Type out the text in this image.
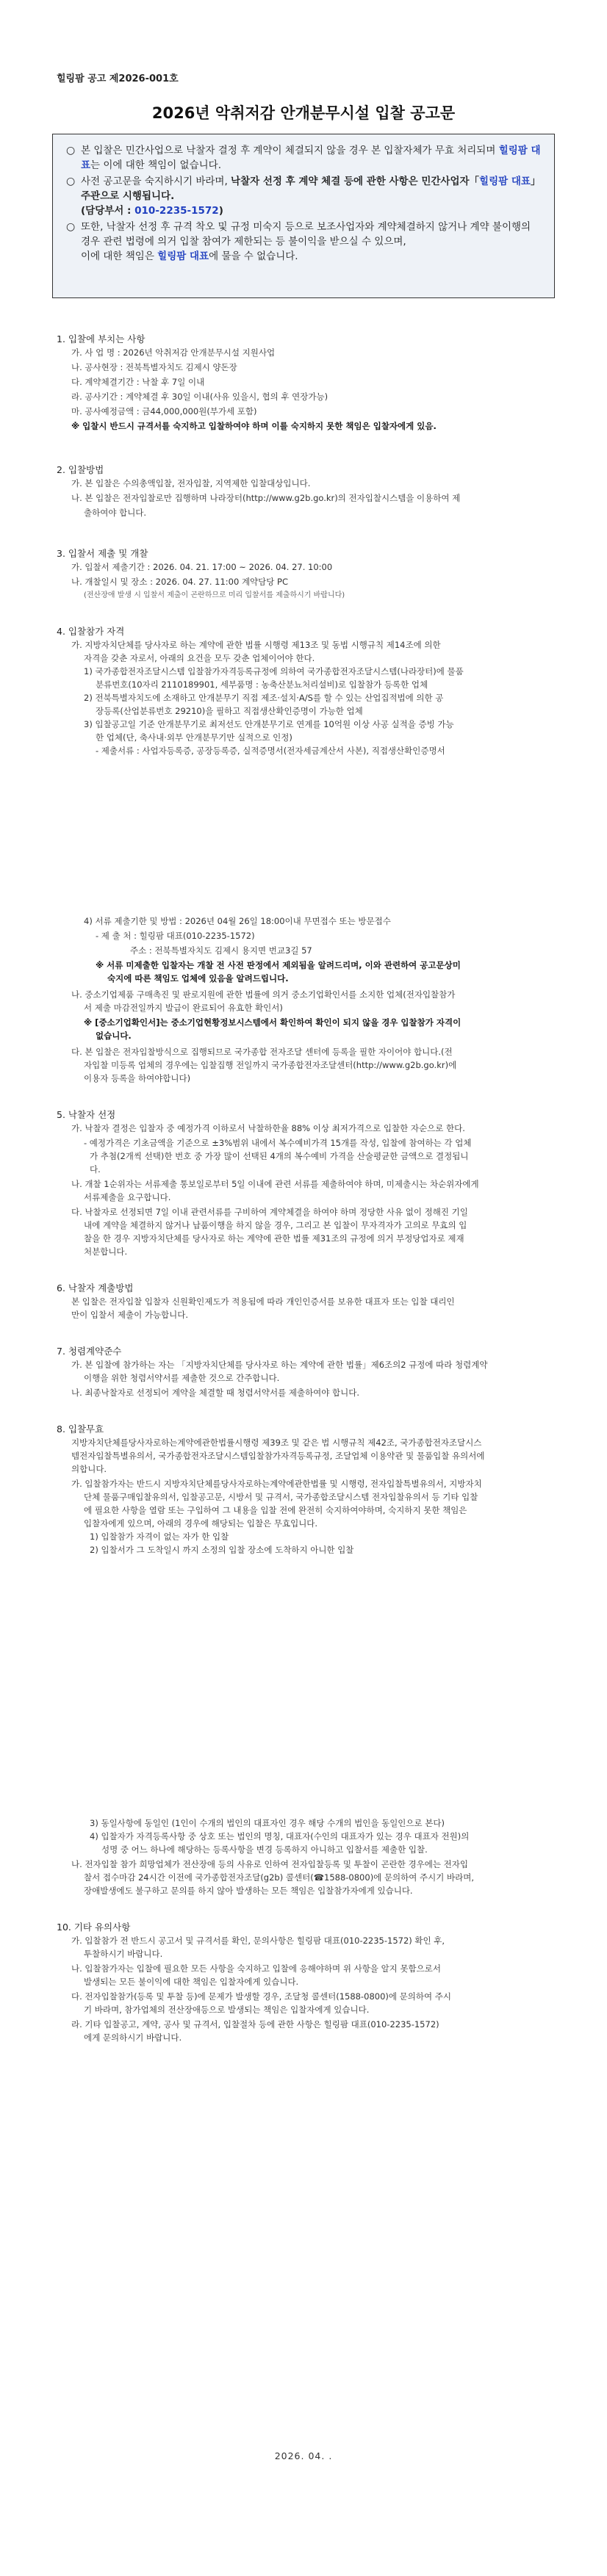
힐링팜 공고 제2026-001호
2026년 악취저감 안개분무시설 입찰 공고문

○ 본 입찰은 민간사업으로 낙찰자 결정 후 계약이 체결되지 않을 경우 본 입찰자체가 무효 처리되며 힐링팜 대표는 이에 대한 책임이 없습니다.

○ 사전 공고문을 숙지하시기 바라며, 낙찰자 선정 후 계약 체결 등에 관한 사항은 민간사업자「힐링팜 대표」주관으로 시행됩니다.
(담당부서 : 010-2235-1572)

○ 또한, 낙찰자 선정 후 규격 착오 및 규정 미숙지 등으로 보조사업자와 계약체결하지 않거나 계약 불이행의 경우 관련 법령에 의거 입찰 참여가 제한되는 등 불이익을 받으실 수 있으며,
이에 대한 책임은 힐링팜 대표에 물을 수 없습니다.

1. 입찰에 부치는 사항
가. 사 업 명 : 2026년 악취저감 안개분무시설 지원사업
나. 공사현장 : 전북특별자치도 김제시 양돈장
다. 계약체결기간 : 낙찰 후 7일 이내
라. 공사기간 : 계약체결 후 30일 이내(사유 있을시, 협의 후 연장가능)
마. 공사예정금액 : 금44,000,000원(부가세 포함)
※ 입찰시 반드시 규격서를 숙지하고 입찰하여야 하며 이를 숙지하지 못한 책임은 입찰자에게 있음.
2. 입찰방법
가. 본 입찰은 수의총액입찰, 전자입찰, 지역제한 입찰대상입니다.
나. 본 입찰은 전자입찰로만 집행하며 나라장터(http://www.g2b.go.kr)의 전자입찰시스템을 이용하여 제
출하여야 합니다.
3. 입찰서 제출 및 개찰
가. 입찰서 제출기간 : 2026. 04. 21. 17:00 ~ 2026. 04. 27. 10:00
나. 개찰일시 및 장소 : 2026. 04. 27. 11:00 계약담당 PC
(전산장애 발생 시 입찰서 제출이 곤란하므로 미리 입찰서를 제출하시기 바랍니다)
4. 입찰참가 자격
가. 지방자치단체를 당사자로 하는 계약에 관한 법률 시행령 제13조 및 동법 시행규칙 제14조에 의한
자격을 갖춘 자로서, 아래의 요건을 모두 갖춘 업체이어야 한다.
1) 국가종합전자조달시스템 입찰참가자격등록규정에 의하여 국가종합전자조달시스템(나라장터)에 물품
분류번호(10자리 2110189901, 세부품명 : 농축산분뇨처리설비)로 입찰참가 등록한 업체
2) 전북특별자치도에 소재하고 안개분무기 직접 제조·설치·A/S를 할 수 있는 산업집적법에 의한 공
장등록(산업분류번호 29210)을 필하고 직접생산확인증명이 가능한 업체
3) 입찰공고일 기준 안개분무기로 최저선도 안개분무기로 연계를 10억원 이상 사공 실적을 증빙 가능
한 업체(단, 축사내·외부 안개분무기만 실적으로 인정)
- 제출서류 : 사업자등록증, 공장등록증, 실적증명서(전자세금계산서 사본), 직접생산확인증명서
4) 서류 제출기한 및 방법 : 2026년 04월 26일 18:00이내 무면접수 또는 방문접수
- 제 출 처 : 힐링팜 대표(010-2235-1572)
주소 : 전북특별자치도 김제시 용지면 번교3길 57
※ 서류 미제출한 입찰자는 개찰 전 사전 판정에서 제외됨을 알려드리며, 이와 관련하여 공고문상미
숙지에 따른 책임도 업체에 있음을 알려드립니다.
나. 중소기업제품 구매촉진 및 판로지원에 관한 법률에 의거 중소기업확인서를 소지한 업체(전자입찰참가
서 제출 마감전일까지 발급이 완료되어 유효한 확인서)
※ [중소기업확인서]는 중소기업현황정보시스템에서 확인하여 확인이 되지 않을 경우 입찰참가 자격이
없습니다.
다. 본 입찰은 전자입찰방식으로 집행되므로 국가종합 전자조달 센터에 등록을 필한 자이어야 합니다.(전
자입찰 미등록 업체의 경우에는 입찰집행 전일까지 국가종합전자조달센터(http://www.g2b.go.kr)에
이용자 등록을 하여야합니다)
5. 낙찰자 선정
가. 낙찰자 결정은 입찰자 중 예정가격 이하로서 낙찰하한율 88% 이상 최저가격으로 입찰한 자순으로 한다.
- 예정가격은 기초금액을 기준으로 ±3%범위 내에서 복수예비가격 15개를 작성, 입찰에 참여하는 각 업체
가 추첨(2개씩 선택)한 번호 중 가장 많이 선택된 4개의 복수예비 가격을 산술평균한 금액으로 결정됩니
다.
나. 개찰 1순위자는 서류제출 통보일로부터 5일 이내에 관련 서류를 제출하여야 하며, 미제출시는 차순위자에게
서류제출을 요구합니다.
다. 낙찰자로 선정되면 7일 이내 관련서류를 구비하여 계약체결을 하여야 하며 정당한 사유 없이 정해진 기일
내에 계약을 체결하지 않거나 납품이행을 하지 않을 경우, 그리고 본 입찰이 무자격자가 고의로 무효의 입
찰을 한 경우 지방자치단체를 당사자로 하는 계약에 관한 법률 제31조의 규정에 의거 부정당업자로 제재
처분합니다.
6. 낙찰자 계출방법
본 입찰은 전자입찰 입찰자 신원확인제도가 적용됨에 따라 개인인증서를 보유한 대표자 또는 입찰 대리인
만이 입찰서 제출이 가능합니다.
7. 청렴계약준수
가. 본 입찰에 참가하는 자는 「지방자치단체를 당사자로 하는 계약에 관한 법률」제6조의2 규정에 따라 청렴계약
이행을 위한 청렴서약서를 제출한 것으로 간주합니다.
나. 최종낙찰자로 선정되어 계약을 체결할 때 청렴서약서를 제출하여야 합니다.
8. 입찰무효
지방자치단체를당사자로하는계약에관한법률시행령 제39조 및 같은 법 시행규칙 제42조, 국가종합전자조달시스
템전자입찰특별유의서, 국가종합전자조달시스템입찰참가자격등록규정, 조달업체 이용약관 및 물품입찰 유의서에
의합니다.
가. 입찰참가자는 반드시 지방자치단체를당사자로하는계약에관한법률 및 시행령, 전자입찰특별유의서, 지방자치
단체 물품구매입찰유의서, 입찰공고문, 시방서 및 규격서, 국가종합조달시스템 전자입찰유의서 등 기타 입찰
에 필요한 사항을 열람 또는 구입하여 그 내용을 입찰 전에 완전히 숙지하여야하며, 숙지하지 못한 책임은
입찰자에게 있으며, 아래의 경우에 해당되는 입찰은 무효입니다.
1) 입찰참가 자격이 없는 자가 한 입찰
2) 입찰서가 그 도착일시 까지 소정의 입찰 장소에 도착하지 아니한 입찰
3) 동일사항에 동일인 (1인이 수개의 법인의 대표자인 경우 해당 수개의 법인을 동일인으로 본다)
4) 입찰자가 자격등록사항 중 상호 또는 법인의 명칭, 대표자(수인의 대표자가 있는 경우 대표자 전원)의
성명 중 어느 하나에 해당하는 등록사항을 변경 등록하지 아니하고 입찰서를 제출한 입찰.
나. 전자입찰 참가 희망업체가 전산장애 등의 사유로 인하여 전자입찰등록 및 투찰이 곤란한 경우에는 전자입
찰서 접수마감 24시간 이전에 국가종합전자조달(g2b) 콜센터(☎1588-0800)에 문의하여 주시기 바라며,
장애발생에도 불구하고 문의를 하지 않아 발생하는 모든 책임은 입찰참가자에게 있습니다.
10. 기타 유의사항
가. 입찰참가 전 반드시 공고서 및 규격서를 확인, 문의사항은 힐링팜 대표(010-2235-1572) 확인 후,
투찰하시기 바랍니다.
나. 입찰참가자는 입찰에 필요한 모든 사항을 숙지하고 입찰에 응해야하며 위 사항을 알지 못함으로서
발생되는 모든 불이익에 대한 책임은 입찰자에게 있습니다.
다. 전자입찰참가(등록 및 투찰 등)에 문제가 발생할 경우, 조달청 콜센터(1588-0800)에 문의하여 주시
기 바라며, 참가업체의 전산장애등으로 발생되는 책임은 입찰자에게 있습니다.
라. 기타 입찰공고, 계약, 공사 및 규격서, 입찰절차 등에 관한 사항은 힐링팜 대표(010-2235-1572)
에게 문의하시기 바랍니다.
2026. 04. .
